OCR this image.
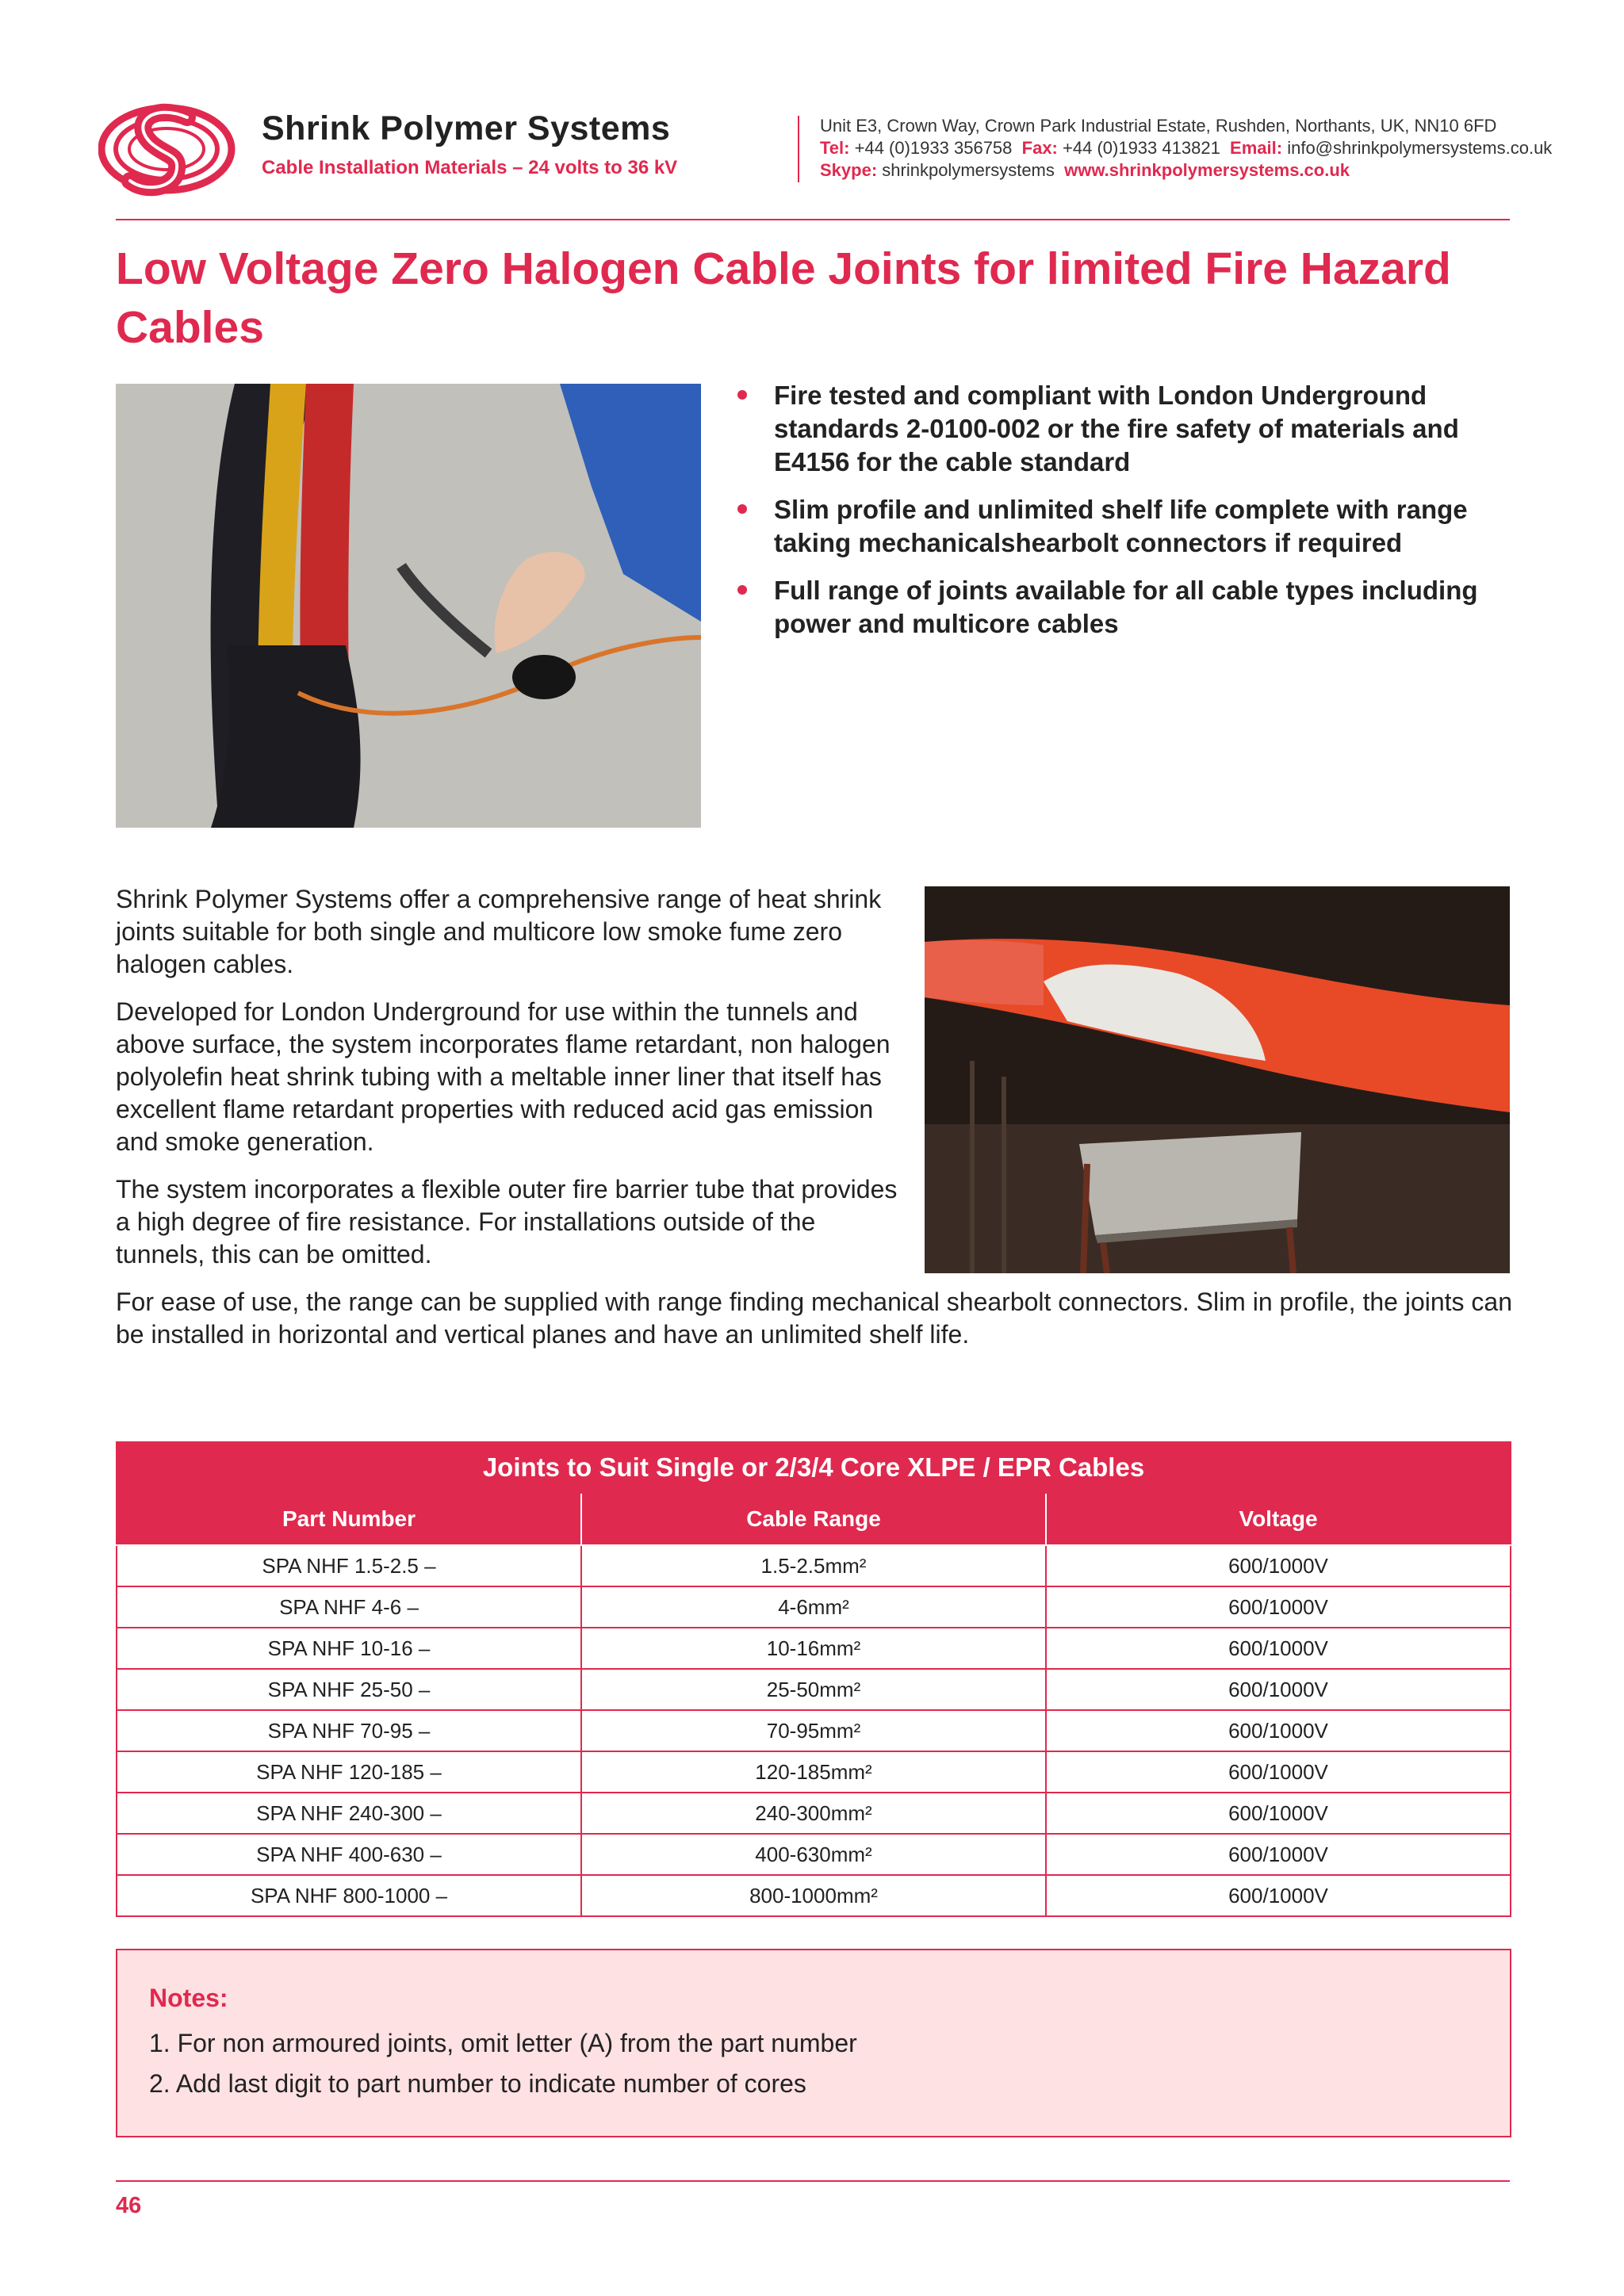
Shrink Polymer Systems
Cable Installation Materials – 24 volts to 36 kV
Unit E3, Crown Way, Crown Park Industrial Estate, Rushden, Northants, UK, NN10 6FD
Tel: +44 (0)1933 356758 Fax: +44 (0)1933 413821 Email: info@shrinkpolymersystems.co.uk
Skype: shrinkpolymersystems www.shrinkpolymersystems.co.uk
Low Voltage Zero Halogen Cable Joints for limited Fire Hazard Cables
Fire tested and compliant with London Underground standards 2-0100-002 or the fire safety of materials and E4156 for the cable standard
Slim profile and unlimited shelf life complete with range taking mechanicalshearbolt connectors if required
Full range of joints available for all cable types including power and multicore cables
Shrink Polymer Systems offer a comprehensive range of heat shrink joints suitable for both single and multicore low smoke fume zero halogen cables.
Developed for London Underground for use within the tunnels and above surface, the system incorporates flame retardant, non halogen polyolefin heat shrink tubing with a meltable inner liner that itself has excellent flame retardant properties with reduced acid gas emission and smoke generation.
The system incorporates a flexible outer fire barrier tube that provides a high degree of fire resistance. For installations outside of the tunnels, this can be omitted.
For ease of use, the range can be supplied with range finding mechanical shearbolt connectors. Slim in profile, the joints can be installed in horizontal and vertical planes and have an unlimited shelf life.
Joints to Suit Single or 2/3/4 Core XLPE / EPR Cables		
Part Number	Cable Range	Voltage
SPA NHF 1.5-2.5 –	1.5-2.5mm²	600/1000V
SPA NHF 4-6 –	4-6mm²	600/1000V
SPA NHF 10-16 –	10-16mm²	600/1000V
SPA NHF 25-50 –	25-50mm²	600/1000V
SPA NHF 70-95 –	70-95mm²	600/1000V
SPA NHF 120-185 –	120-185mm²	600/1000V
SPA NHF 240-300 –	240-300mm²	600/1000V
SPA NHF 400-630 –	400-630mm²	600/1000V
SPA NHF 800-1000 –	800-1000mm²	600/1000V
Notes:
1. For non armoured joints, omit letter (A) from the part number
2. Add last digit to part number to indicate number of cores
46
